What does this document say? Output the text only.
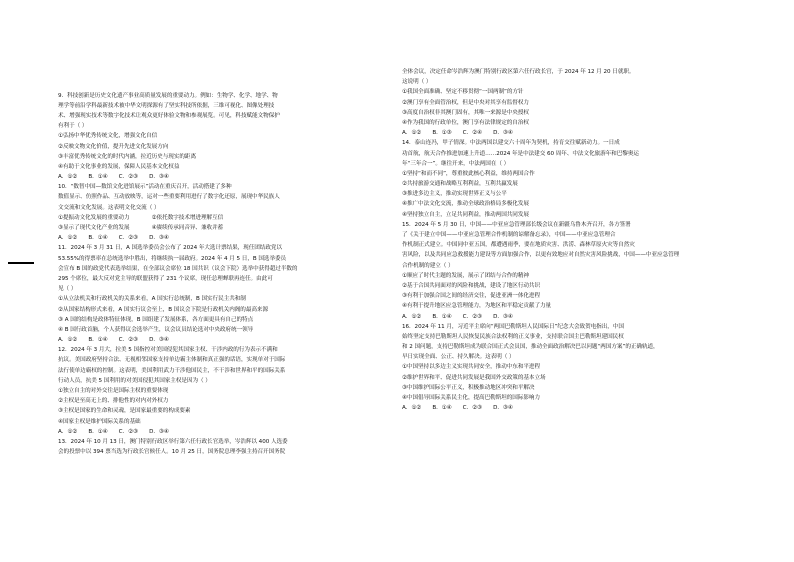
9．科技创新是历史文化遗产事业高质量发展的重要动力。例如：生物学、化学、地学、物
理学等前沿学科最新技术被中华文明探源有了坚实科技所依据，三维可视化、图像处理技
术、增强现实技术等数字化技术让观众更好体验文物和参观展览。可见，科技赋能文物保护
有利于（ ）
①弘扬中华优秀传统文化，增强文化自信
②反映文物文化价值，提升先进文化发展方向
③丰富优秀传统文化的时代内涵，拉近历史与现实的距离
④有助于文化事业的发展，保障人民基本文化权益
A．①②　　B．①④　　C．②③　　D．③④
10．“数智中国—数馆文化进馆展示”活动在重庆召开，活动搭建了多种
数值显示、仿照作品、互动放映等，运对一些重要利用进行了数字化还原，展现中华民族人
文交流和文化发展。这表明文化交流（ ）
①提振动文化发展的重要动力　　　　②依托数字技术增进理解互信
③显示了现代文化产业的发展　　　　④赓续传承同音异、兼收并蓄
A．①②　　B．①④　　C．②③　　D．③④
11．2024 年 3 月 31 日，A 国选举委员会公布了 2024 年大选计票结果，现任团结政党以
53.55%的得票率在总统选举中胜出，将继续执一届政府。2024 年 4 月 5 日，B 国选举委员
会宣布 B 国的政党代表选举结果，在全部议会席位 18 国共识（议会下院）选举中获得超过半数的
295 个席位，最大反对党主导的联盟获得了 231 个议席，现任总理蝉联再连任。由此可
见（ ）
①从立法机关和行政机关的关系来看，A 国实行总统制，B 国实行民主共和制
②从国家结构形式来看，A 国实行议会至上，B 国议会下院是行政机关内阁的最高来源
③ A 国的结构是政体特征体现，B 国组建了发展体系，各方面更具有自己的特点
④ B 国行政首脑，个人获得议会选举产生，议会议员结论选对中央政府统一领导
A．①②　　B．①④　　C．②③　　D．③④
12．2024 年 3 月大，拉美 5 国指控对美国侵犯其国家主权、干涉内政的行为表示不满和
抗议。美国政府坚持合法、无视相邻国家支持单边霸主体制和真正强的话语，实现单对于国际
法行使单边霸权的控制。这表明，美国利用武力干涉他国民主，不干涉和世界和平的国际关系
行动人员，抗美 5 国利用的对美国侵犯其国家主权是因为（ ）
①独立自主的对外交往是国际主权的重要体现
②主权是至高无上的、排他性的对内对外权力
③主权是国家的生命和灵魂，是国家最重要的构成要素
④国家主权是维护国际关系的基础
A．①②　　B．①④　　C．②③　　D．③④
13．2024 年 10 月 13 日，澳门特别行政区举行第六任行政长官选举，岑浩辉以 400 人选委
会的投票中以 394 票当选为行政长官候任人。10 月 25 日，国务院总理李强主持召开国务院
全体会议，决定任命岑浩辉为澳门特别行政区第六任行政长官，于 2024 年 12 月 20 日就职。
这说明（ ）
①我国全面准确、坚定不移贯彻“一国两制”的方针
②澳门享有全面管治权，但是中央对其享有监督权力
③高度自治权非其澳门固有，其唯一来源是中央授权
④作为我国的行政单位，澳门享有法律规定的自治权
A．①②　　B．①③　　C．②④　　D．③④
14．泰山连冯，甲子情深。中法两国以建交六十周年为契机，持育交往赋新动力。一日成
功首航，航天合作推进加速上升道……2024 年是中法建交 60 周年、中法文化旅游年和巴黎奥运
年“三年合一”。继往开来，中法两国在（ ）
①坚持“和而不同”，尊重彼此核心利益，维持两国合作
②共持旅游交通和战略互利利益，互利共赢发展
③推进多边主义，推动实现世界正义与公平
④推广中法文化交流，推动全球政治格局多极化发展
④坚持独立自主，立足共同利益，推动两国共同发展
15．2024 年 5 月 30 日，中国——中亚应急管理部长级会议在新疆乌鲁木齐召开，各方签署
了《关于建立中国——中亚应急管理合作机制的谅解备忘录》，中国——中亚应急管理合
作机制正式建立。中国同中亚五国，都遭遇雨季，要在地质灾害、洪涝、森林草原火灾等自然灾
害风险，以及共同应急救援能力建设等方面加强合作，以更有效地应对自然灾害风险挑战，中国——中亚应急管理
合作机制的建立（ ）
①顺应了时代主题的发展，展示了团结与合作的精神
②基于合国共同面对的风险和挑战，建设了地区行动共识
③有利于加强合国之间的经济交往，促进亚洲一体化进程
④有利于提升地区应急管理能力，为地区和平稳定贡献了力量
A．①②　　B．①④　　C．②③　　D．③④
16．2024 年 11 月，习近平主席向“两国巴勒斯坦人民国际日”纪念大会致贺电指出，中国
始终坚定支持巴勒斯坦人民恢复民族合法权利的正义事业，支持联合国主巴勒斯坦建国民权
和 2 国问题，支持巴勒斯坦成为联合国正式会员国，推动全面政治解决巴以问题“两国方案”的正确轨道，
早日实现全面、公正、持久解决。这表明（ ）
①中国坚持以多边主义实现共同安全，推动中东和平进程
②维护世界和平、促进共同发展是我国外交政策的基本立场
③中国维护国际公平正义，积极推动地区冲突和平解决
④中国倡导国际关系民主化，提高巴勒斯坦的国际影响力
A．①②　　B．①④　　C．②③　　D．③④
